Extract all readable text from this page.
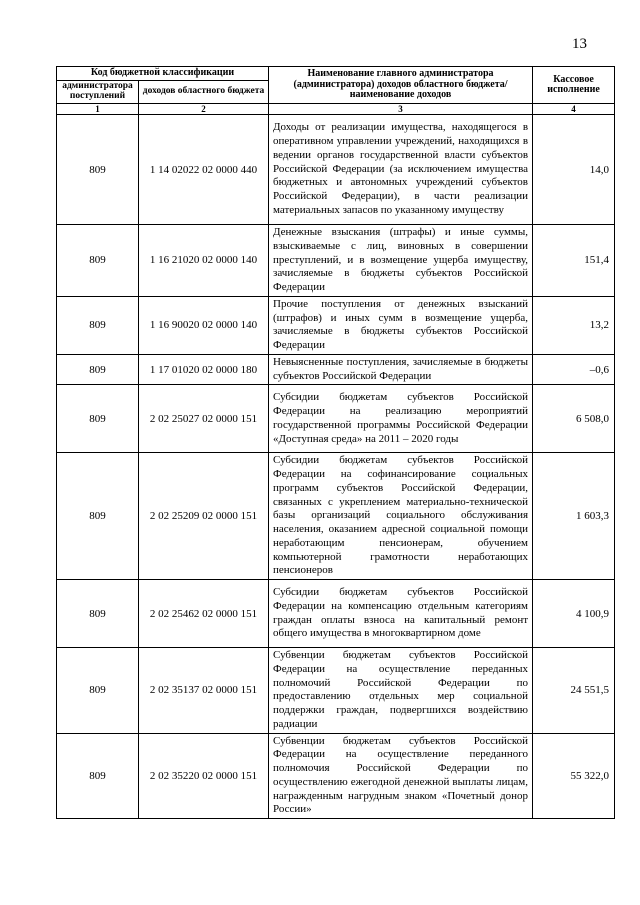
13
Код бюджетной классификации		Наименование главного администратора (администратора) доходов областного бюджета/ наименование доходов	Кассовое исполнение
администратора поступлений	доходов областного бюджета		
1	2	3	4
809	1 14 02022 02 0000 440	Доходы от реализации имущества, находящегося в оперативном управлении учреждений, находящихся в ведении органов государственной власти субъектов Российской Федерации (за исключением имущества бюджетных и автономных учреждений субъектов Российской Федерации), в части реализации материальных запасов по указанному имуществу	14,0
809	1 16 21020 02 0000 140	Денежные взыскания (штрафы) и иные суммы, взыскиваемые с лиц, виновных в совершении преступлений, и в возмещение ущерба имуществу, зачисляемые в бюджеты субъектов Российской Федерации	151,4
809	1 16 90020 02 0000 140	Прочие поступления от денежных взысканий (штрафов) и иных сумм в возмещение ущерба, зачисляемые в бюджеты субъектов Российской Федерации	13,2
809	1 17 01020 02 0000 180	Невыясненные поступления, зачисляемые в бюджеты субъектов Российской Федерации	–0,6
809	2 02 25027 02 0000 151	Субсидии бюджетам субъектов Российской Федерации на реализацию мероприятий государственной программы Российской Федерации «Доступная среда» на 2011 – 2020 годы	6 508,0
809	2 02 25209 02 0000 151	Субсидии бюджетам субъектов Российской Федерации на софинансирование социальных программ субъектов Российской Федерации, связанных с укреплением материально-технической базы организаций социального обслуживания населения, оказанием адресной социальной помощи неработающим пенсионерам, обучением компьютерной грамотности неработающих пенсионеров	1 603,3
809	2 02 25462 02 0000 151	Субсидии бюджетам субъектов Российской Федерации на компенсацию отдельным категориям граждан оплаты взноса на капитальный ремонт общего имущества в многоквартирном доме	4 100,9
809	2 02 35137 02 0000 151	Субвенции бюджетам субъектов Российской Федерации на осуществление переданных полномочий Российской Федерации по предоставлению отдельных мер социальной поддержки граждан, подвергшихся воздействию радиации	24 551,5
809	2 02 35220 02 0000 151	Субвенции бюджетам субъектов Российской Федерации на осуществление переданного полномочия Российской Федерации по осуществлению ежегодной денежной выплаты лицам, награжденным нагрудным знаком «Почетный донор России»	55 322,0
